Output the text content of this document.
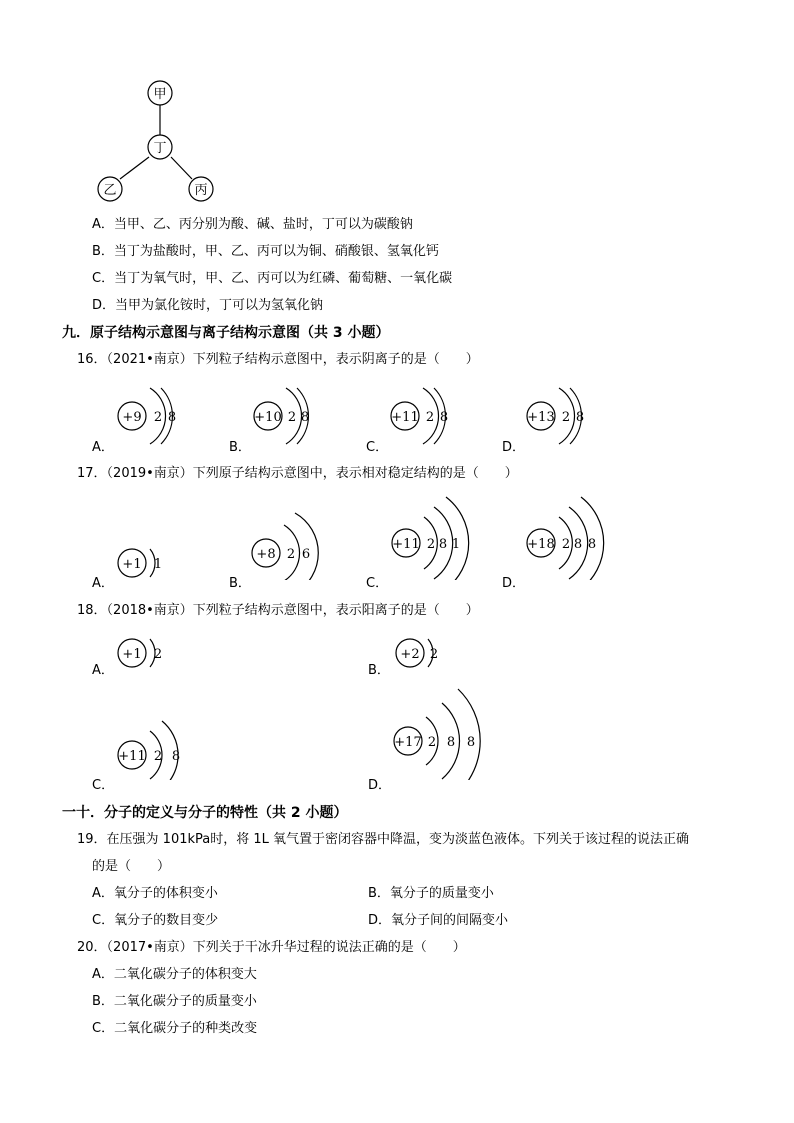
甲
丁
乙	丙
A．当甲、乙、丙分别为酸、碱、盐时，丁可以为碳酸钠
B．当丁为盐酸时，甲、乙、丙可以为铜、硝酸银、氢氧化钙
C．当丁为氧气时，甲、乙、丙可以为红磷、葡萄糖、一氧化碳
D．当甲为氯化铵时，丁可以为氢氧化钠
九．原子结构示意图与离子结构示意图（共 3 小题）
16．（2021•南京）下列粒子结构示意图中，表示阴离子的是（　　）
+9 2 8	+10 2 8	+11 2 8	+13 2 8
A．	B．	C．	D．
17．（2019•南京）下列原子结构示意图中，表示相对稳定结构的是（　　）
+1 1
+8 2 6
+11 2 8 1	+18 2 8 8
A．	B．	C．	D．
18．（2018•南京）下列粒子结构示意图中，表示阳离子的是（　　）
+1 2	+2 2
A．	B．
+11 2 8
+17 2 8 8
C．	D．
一十．分子的定义与分子的特性（共 2 小题）
19．在压强为 101kPa时，将 1L 氧气置于密闭容器中降温，变为淡蓝色液体。下列关于该过程的说法正确
的是（　　）
A．氧分子的体积变小	B．氧分子的质量变小
C．氧分子的数目变少	D．氧分子间的间隔变小
20．（2017•南京）下列关于干冰升华过程的说法正确的是（　　）
A．二氧化碳分子的体积变大
B．二氧化碳分子的质量变小
C．二氧化碳分子的种类改变
